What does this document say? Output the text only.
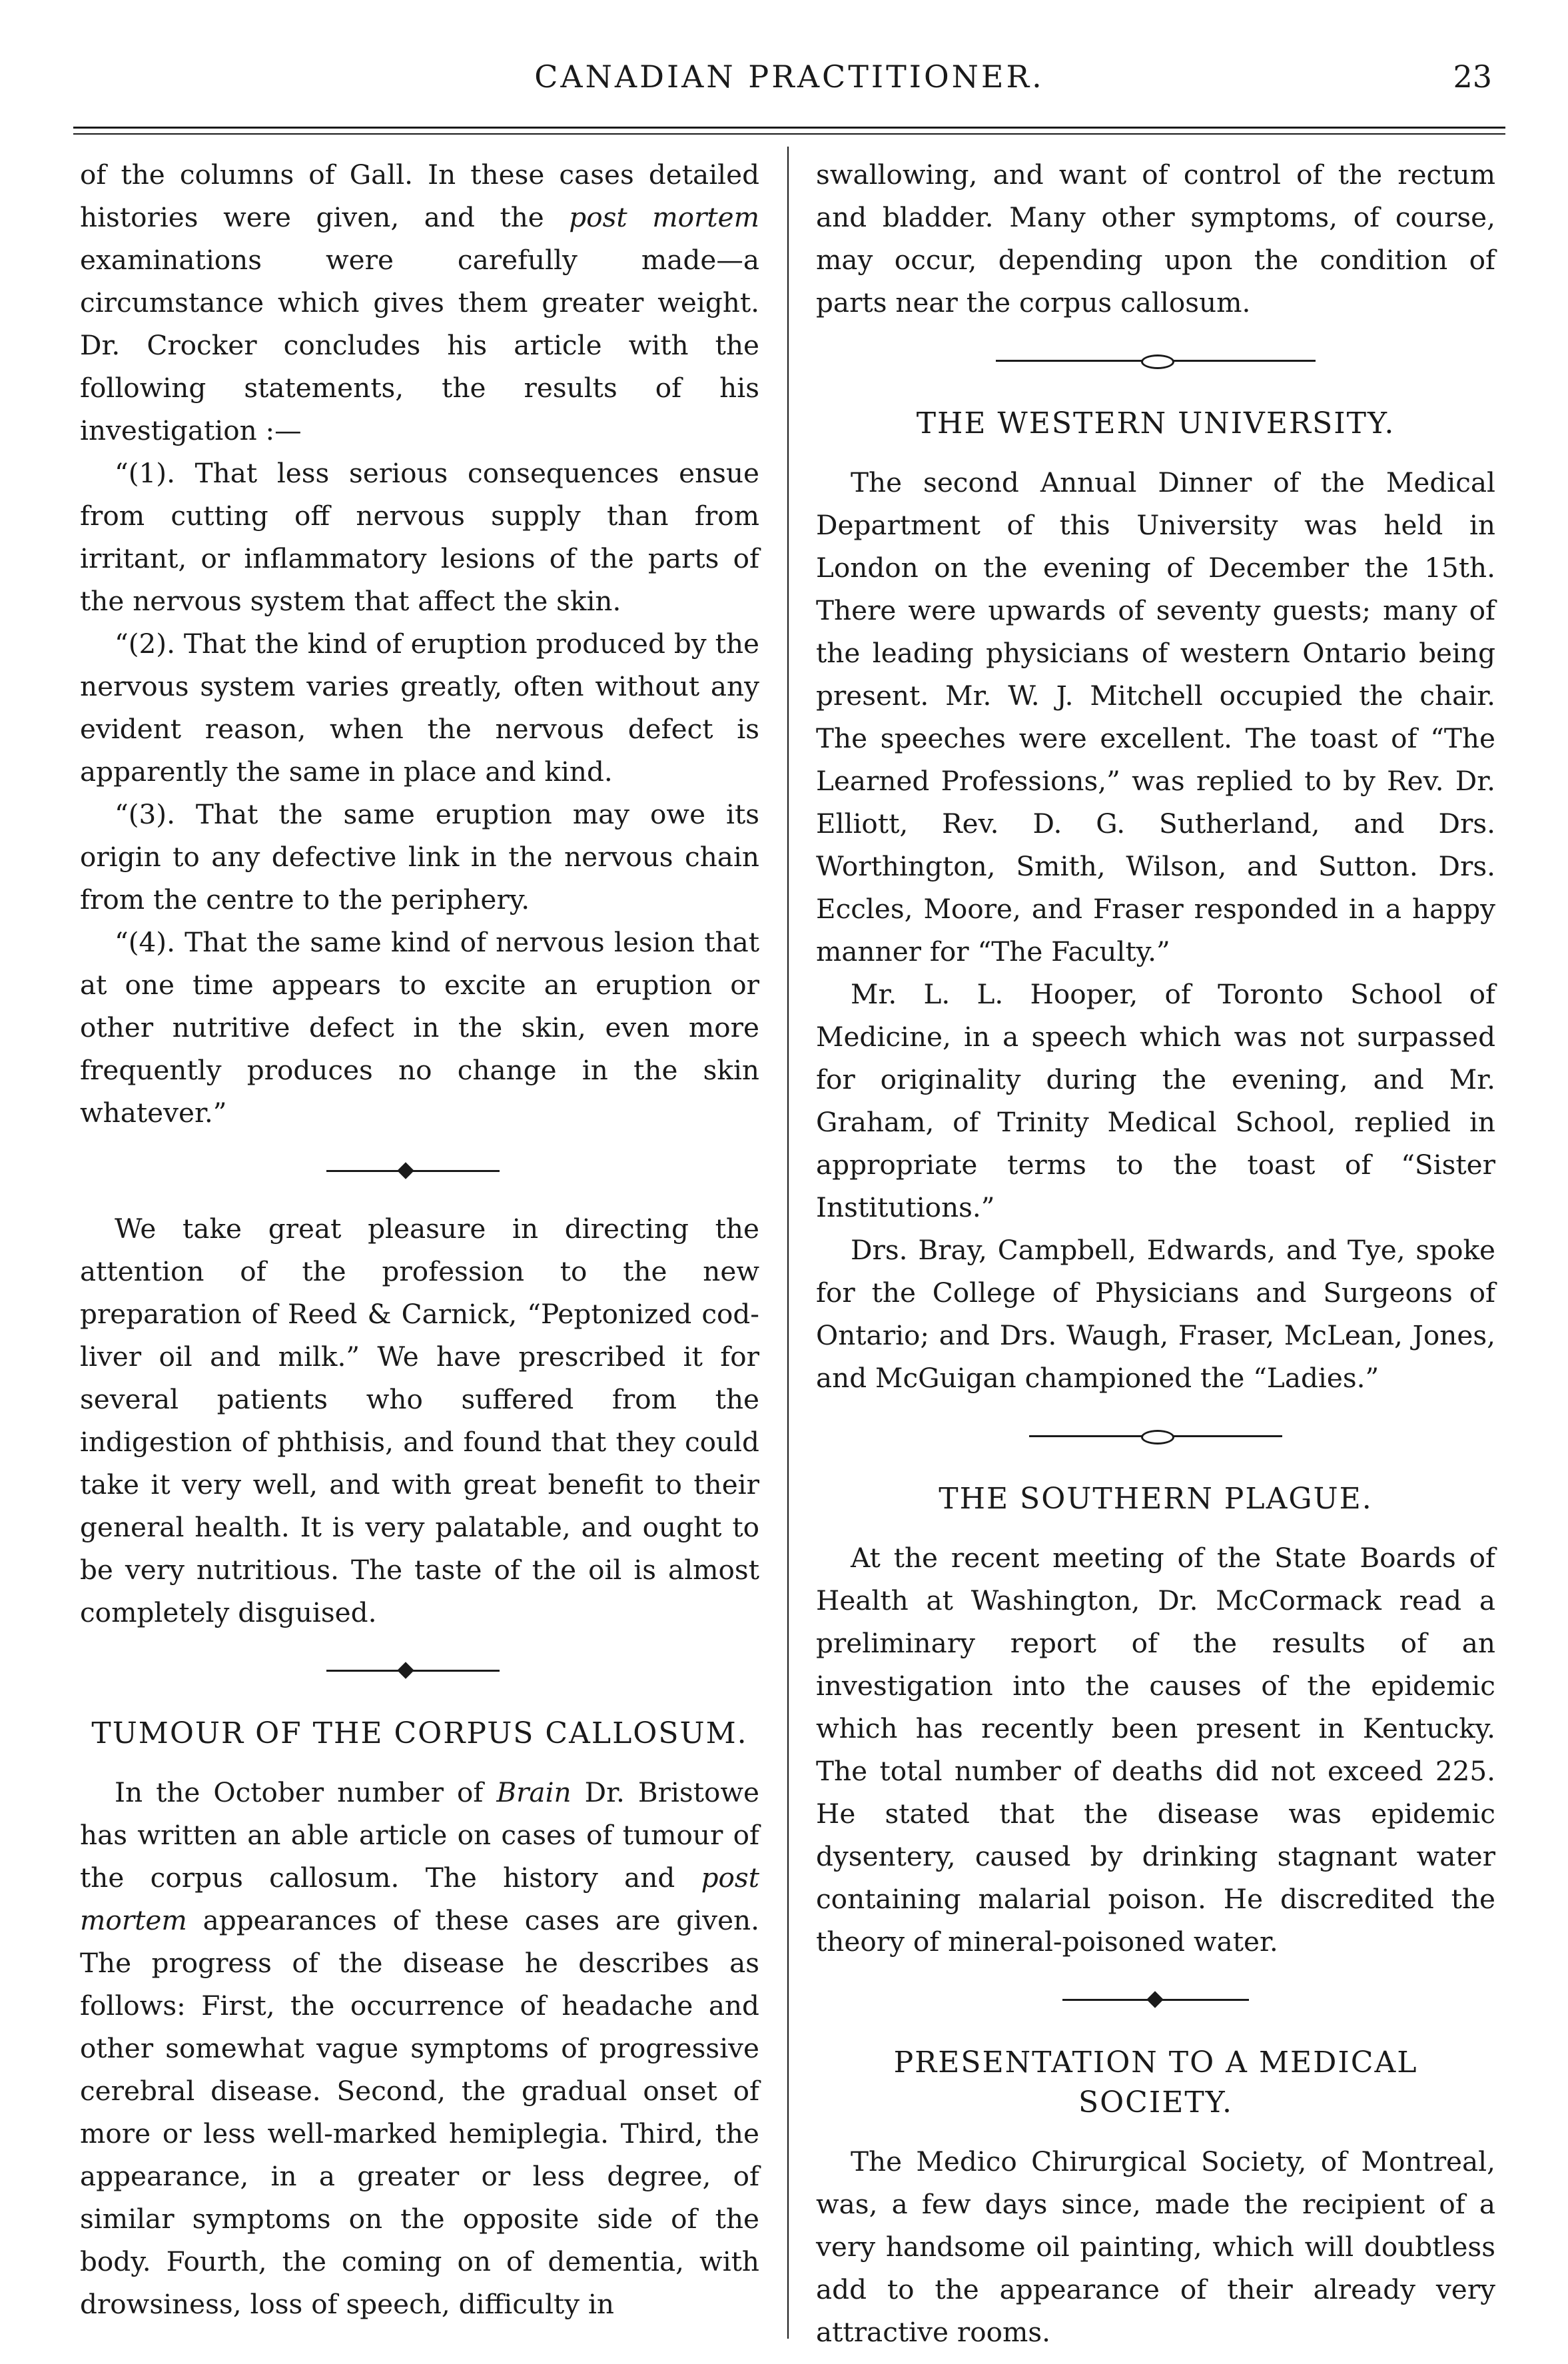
CANADIAN PRACTITIONER.	23

of the columns of Gall. In these cases detailed histories were given, and the post mortem examinations were carefully made—a circumstance which gives them greater weight. Dr. Crocker concludes his article with the following statements, the results of his investigation :—

“(1). That less serious consequences ensue from cutting off nervous supply than from irritant, or inflammatory lesions of the parts of the nervous system that affect the skin.

“(2). That the kind of eruption produced by the nervous system varies greatly, often without any evident reason, when the nervous defect is apparently the same in place and kind.

“(3). That the same eruption may owe its origin to any defective link in the nervous chain from the centre to the periphery.

“(4). That the same kind of nervous lesion that at one time appears to excite an eruption or other nutritive defect in the skin, even more frequently produces no change in the skin whatever.”

We take great pleasure in directing the attention of the profession to the new preparation of Reed & Carnick, “Peptonized cod-liver oil and milk.” We have prescribed it for several patients who suffered from the indigestion of phthisis, and found that they could take it very well, and with great benefit to their general health. It is very palatable, and ought to be very nutritious. The taste of the oil is almost completely disguised.

TUMOUR OF THE CORPUS CALLOSUM.

In the October number of Brain Dr. Bristowe has written an able article on cases of tumour of the corpus callosum. The history and post mortem appearances of these cases are given. The progress of the disease he describes as follows: First, the occurrence of headache and other somewhat vague symptoms of progressive cerebral disease. Second, the gradual onset of more or less well-marked hemiplegia. Third, the appearance, in a greater or less degree, of similar symptoms on the opposite side of the body. Fourth, the coming on of dementia, with drowsiness, loss of speech, difficulty in

swallowing, and want of control of the rectum and bladder. Many other symptoms, of course, may occur, depending upon the condition of parts near the corpus callosum.

THE WESTERN UNIVERSITY.

The second Annual Dinner of the Medical Department of this University was held in London on the evening of December the 15th. There were upwards of seventy guests; many of the leading physicians of western Ontario being present. Mr. W. J. Mitchell occupied the chair. The speeches were excellent. The toast of “The Learned Professions,” was replied to by Rev. Dr. Elliott, Rev. D. G. Sutherland, and Drs. Worthington, Smith, Wilson, and Sutton. Drs. Eccles, Moore, and Fraser responded in a happy manner for “The Faculty.”

Mr. L. L. Hooper, of Toronto School of Medicine, in a speech which was not surpassed for originality during the evening, and Mr. Graham, of Trinity Medical School, replied in appropriate terms to the toast of “Sister Institutions.”

Drs. Bray, Campbell, Edwards, and Tye, spoke for the College of Physicians and Surgeons of Ontario; and Drs. Waugh, Fraser, McLean, Jones, and McGuigan championed the “Ladies.”

THE SOUTHERN PLAGUE.

At the recent meeting of the State Boards of Health at Washington, Dr. McCormack read a preliminary report of the results of an investigation into the causes of the epidemic which has recently been present in Kentucky. The total number of deaths did not exceed 225. He stated that the disease was epidemic dysentery, caused by drinking stagnant water containing malarial poison. He discredited the theory of mineral-poisoned water.

PRESENTATION TO A MEDICAL
SOCIETY.

The Medico Chirurgical Society, of Montreal, was, a few days since, made the recipient of a very handsome oil painting, which will doubtless add to the appearance of their already very attractive rooms.
